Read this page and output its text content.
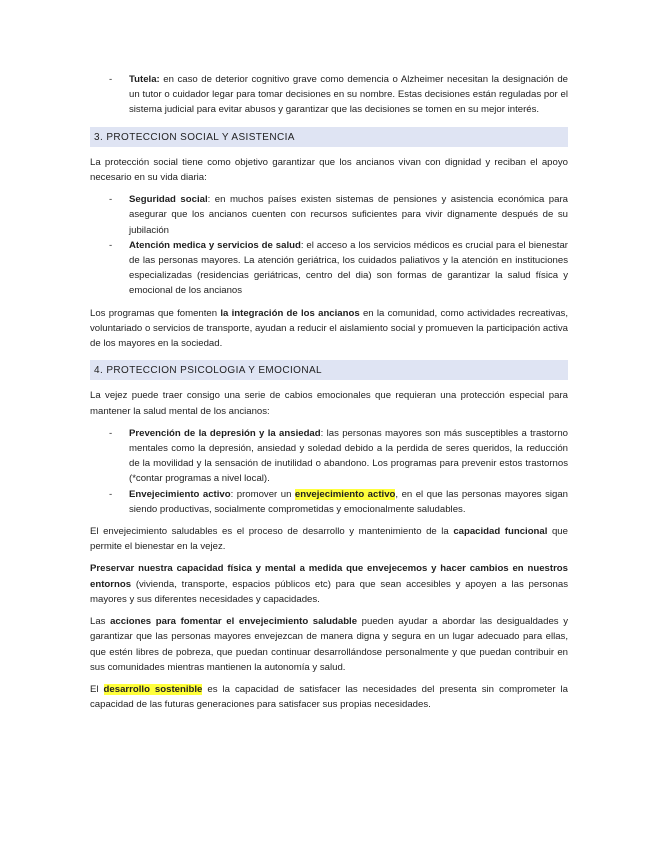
- Tutela: en caso de deterior cognitivo grave como demencia o Alzheimer necesitan la designación de un tutor o cuidador legar para tomar decisiones en su nombre. Estas decisiones están reguladas por el sistema judicial para evitar abusos y garantizar que las decisiones se tomen en su mejor interés.
3. PROTECCION SOCIAL Y ASISTENCIA

La protección social tiene como objetivo garantizar que los ancianos vivan con dignidad y reciban el apoyo necesario en su vida diaria:

- Seguridad social: en muchos países existen sistemas de pensiones y asistencia económica para asegurar que los ancianos cuenten con recursos suficientes para vivir dignamente después de su jubilación
- Atención medica y servicios de salud: el acceso a los servicios médicos es crucial para el bienestar de las personas mayores. La atención geriátrica, los cuidados paliativos y la atención en instituciones especializadas (residencias geriátricas, centro del dia) son formas de garantizar la salud física y emocional de los ancianos

Los programas que fomenten la integración de los ancianos en la comunidad, como actividades recreativas, voluntariado o servicios de transporte, ayudan a reducir el aislamiento social y promueven la participación activa de los mayores en la sociedad.

4. PROTECCION PSICOLOGIA Y EMOCIONAL

La vejez puede traer consigo una serie de cabios emocionales que requieran una protección especial para mantener la salud mental de los ancianos:

- Prevención de la depresión y la ansiedad: las personas mayores son más susceptibles a trastorno mentales como la depresión, ansiedad y soledad debido a la perdida de seres queridos, la reducción de la movilidad y la sensación de inutilidad o abandono. Los programas para prevenir estos trastornos (*contar programas a nivel local).
- Envejecimiento activo: promover un envejecimiento activo, en el que las personas mayores sigan siendo productivas, socialmente comprometidas y emocionalmente saludables.

El envejecimiento saludables es el proceso de desarrollo y mantenimiento de la capacidad funcional que permite el bienestar en la vejez.

Preservar nuestra capacidad física y mental a medida que envejecemos y hacer cambios en nuestros entornos (vivienda, transporte, espacios públicos etc) para que sean accesibles y apoyen a las personas mayores y sus diferentes necesidades y capacidades.

Las acciones para fomentar el envejecimiento saludable pueden ayudar a abordar las desigualdades y garantizar que las personas mayores envejezcan de manera digna y segura en un lugar adecuado para ellas, que estén libres de pobreza, que puedan continuar desarrollándose personalmente y que puedan contribuir en sus comunidades mientras mantienen la autonomía y salud.

El desarrollo sostenible es la capacidad de satisfacer las necesidades del presenta sin comprometer la capacidad de las futuras generaciones para satisfacer sus propias necesidades.
